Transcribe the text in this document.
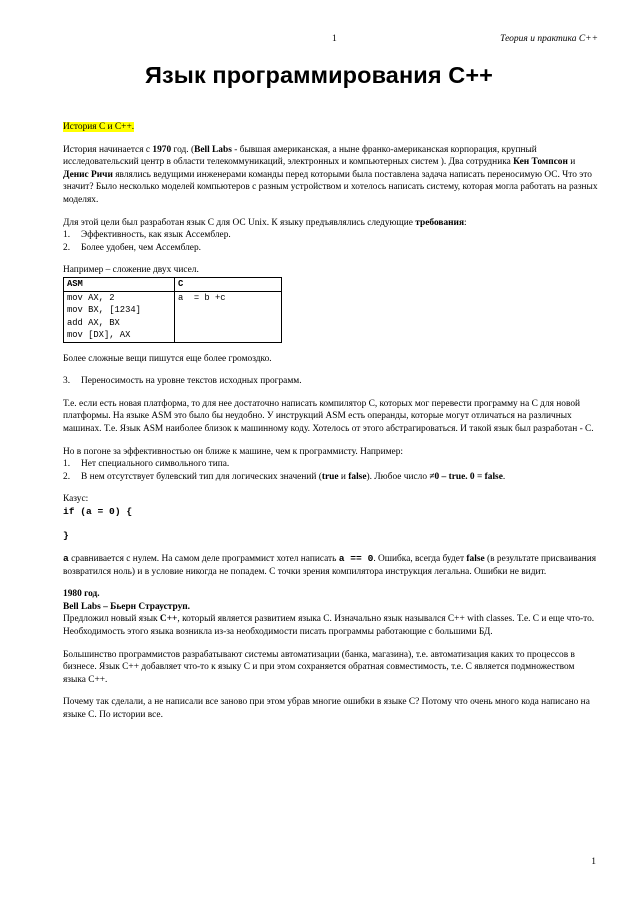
1	Теория и практика C++
Язык программирования C++

История C и C++.

История начинается с 1970 год. (Bell Labs - бывшая американская, а ныне франко-американская корпорация, крупный исследовательский центр в области телекоммуникаций, электронных и компьютерных систем ). Два сотрудника Кен Томпсон и Денис Ричи являлись ведущими инженерами команды перед которыми была поставлена задача написать переносимую ОС. Что это значит? Было несколько моделей компьютеров с разным устройством и хотелось написать систему, которая могла работать на разных моделях.

Для этой цели был разработан язык C для ОС Unix. К языку предъявлялись следующие требования:
1.	Эффективность, как язык Ассемблер.
2.	Более удобен, чем Ассемблер.
Например – сложение двух чисел.
ASM	C

mov AX, 2
mov BX, [1234]
add AX, BX
mov [DX], AX	a  = b +c

Более сложные вещи пишутся еще более громоздко.

3.	Переносимость на уровне текстов исходных программ.

Т.е. если есть новая платформа, то для нее достаточно написать компилятор C, которых мог перевести программу на C для новой платформы. На языке ASM это было бы неудобно. У инструкций ASM есть операнды, которые могут отличаться на различных машинах. Т.е. Язык ASM наиболее близок к машинному коду. Хотелось от этого абстрагироваться. И такой язык был разработан - C.

Но в погоне за эффективностью он ближе к машине, чем к программисту. Например:
1.	Нет специального символьного типа.
2.	В нем отсутствует булевский тип для логических значений (true и false). Любое число ≠0 – true. 0 = false.
Казус:
if (a = 0) {
}

a сравнивается с нулем. На самом деле программист хотел написать a == 0. Ошибка, всегда будет false (в результате присваивания возвратился ноль) и в условие никогда не попадем. С точки зрения компилятора инструкция легальна. Ошибки не видит.

1980 год.
Bell Labs – Бьерн Страуструп.
Предложил новый язык C++, который является развитием языка C. Изначально язык назывался C++ with classes. Т.е. C и еще что-то. Необходимость этого языка возникла из-за необходимости писать программы работающие с большими БД.

Большинство программистов разрабатывают системы автоматизации (банка, магазина), т.е. автоматизация каких то процессов в бизнесе. Язык C++ добавляет что-то к языку C и при этом сохраняется обратная совместимость, т.е. C является подмножеством языка C++.

Почему так сделали, а не написали все заново при этом убрав многие ошибки в языке C? Потому что очень много кода написано на языке C. По истории все.

1
